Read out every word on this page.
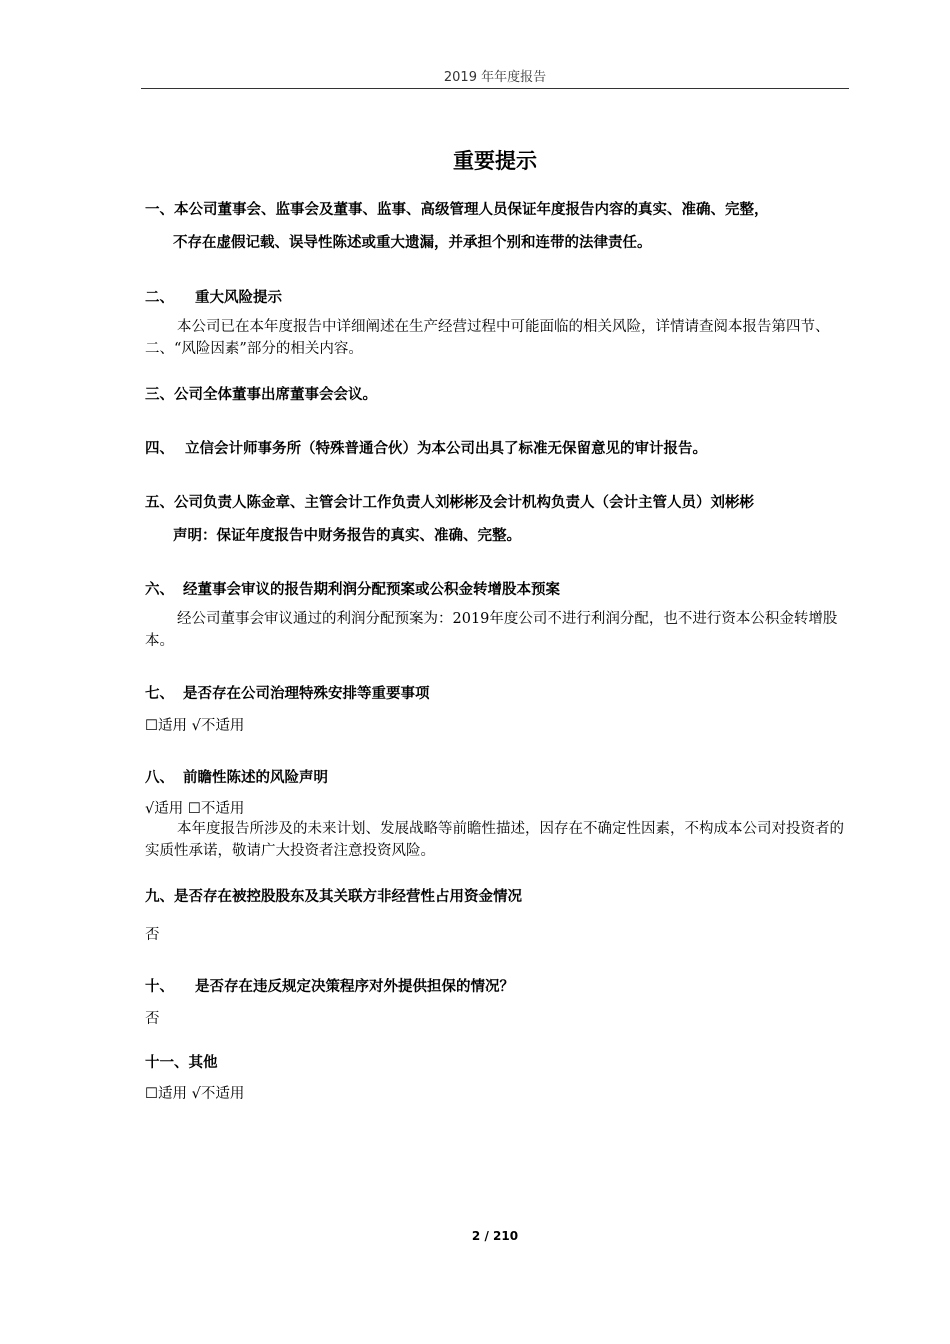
2019 年年度报告
重要提示
一、本公司董事会、监事会及董事、监事、高级管理人员保证年度报告内容的真实、准确、完整，
不存在虚假记载、误导性陈述或重大遗漏，并承担个别和连带的法律责任。
二、 重大风险提示
本公司已在本年度报告中详细阐述在生产经营过程中可能面临的相关风险，详情请查阅本报告第四节、二、“风险因素”部分的相关内容。
三、公司全体董事出席董事会会议。
四、 立信会计师事务所（特殊普通合伙）为本公司出具了标准无保留意见的审计报告。
五、公司负责人陈金章、主管会计工作负责人刘彬彬及会计机构负责人（会计主管人员）刘彬彬
声明：保证年度报告中财务报告的真实、准确、完整。
六、 经董事会审议的报告期利润分配预案或公积金转增股本预案
经公司董事会审议通过的利润分配预案为：2019年度公司不进行利润分配，也不进行资本公积金转增股本。
七、 是否存在公司治理特殊安排等重要事项
☐适用 √不适用
八、 前瞻性陈述的风险声明
√适用 ☐不适用
本年度报告所涉及的未来计划、发展战略等前瞻性描述，因存在不确定性因素，不构成本公司对投资者的实质性承诺，敬请广大投资者注意投资风险。
九、是否存在被控股股东及其关联方非经营性占用资金情况
否
十、 是否存在违反规定决策程序对外提供担保的情况？
否
十一、其他
☐适用 √不适用
2 / 210
